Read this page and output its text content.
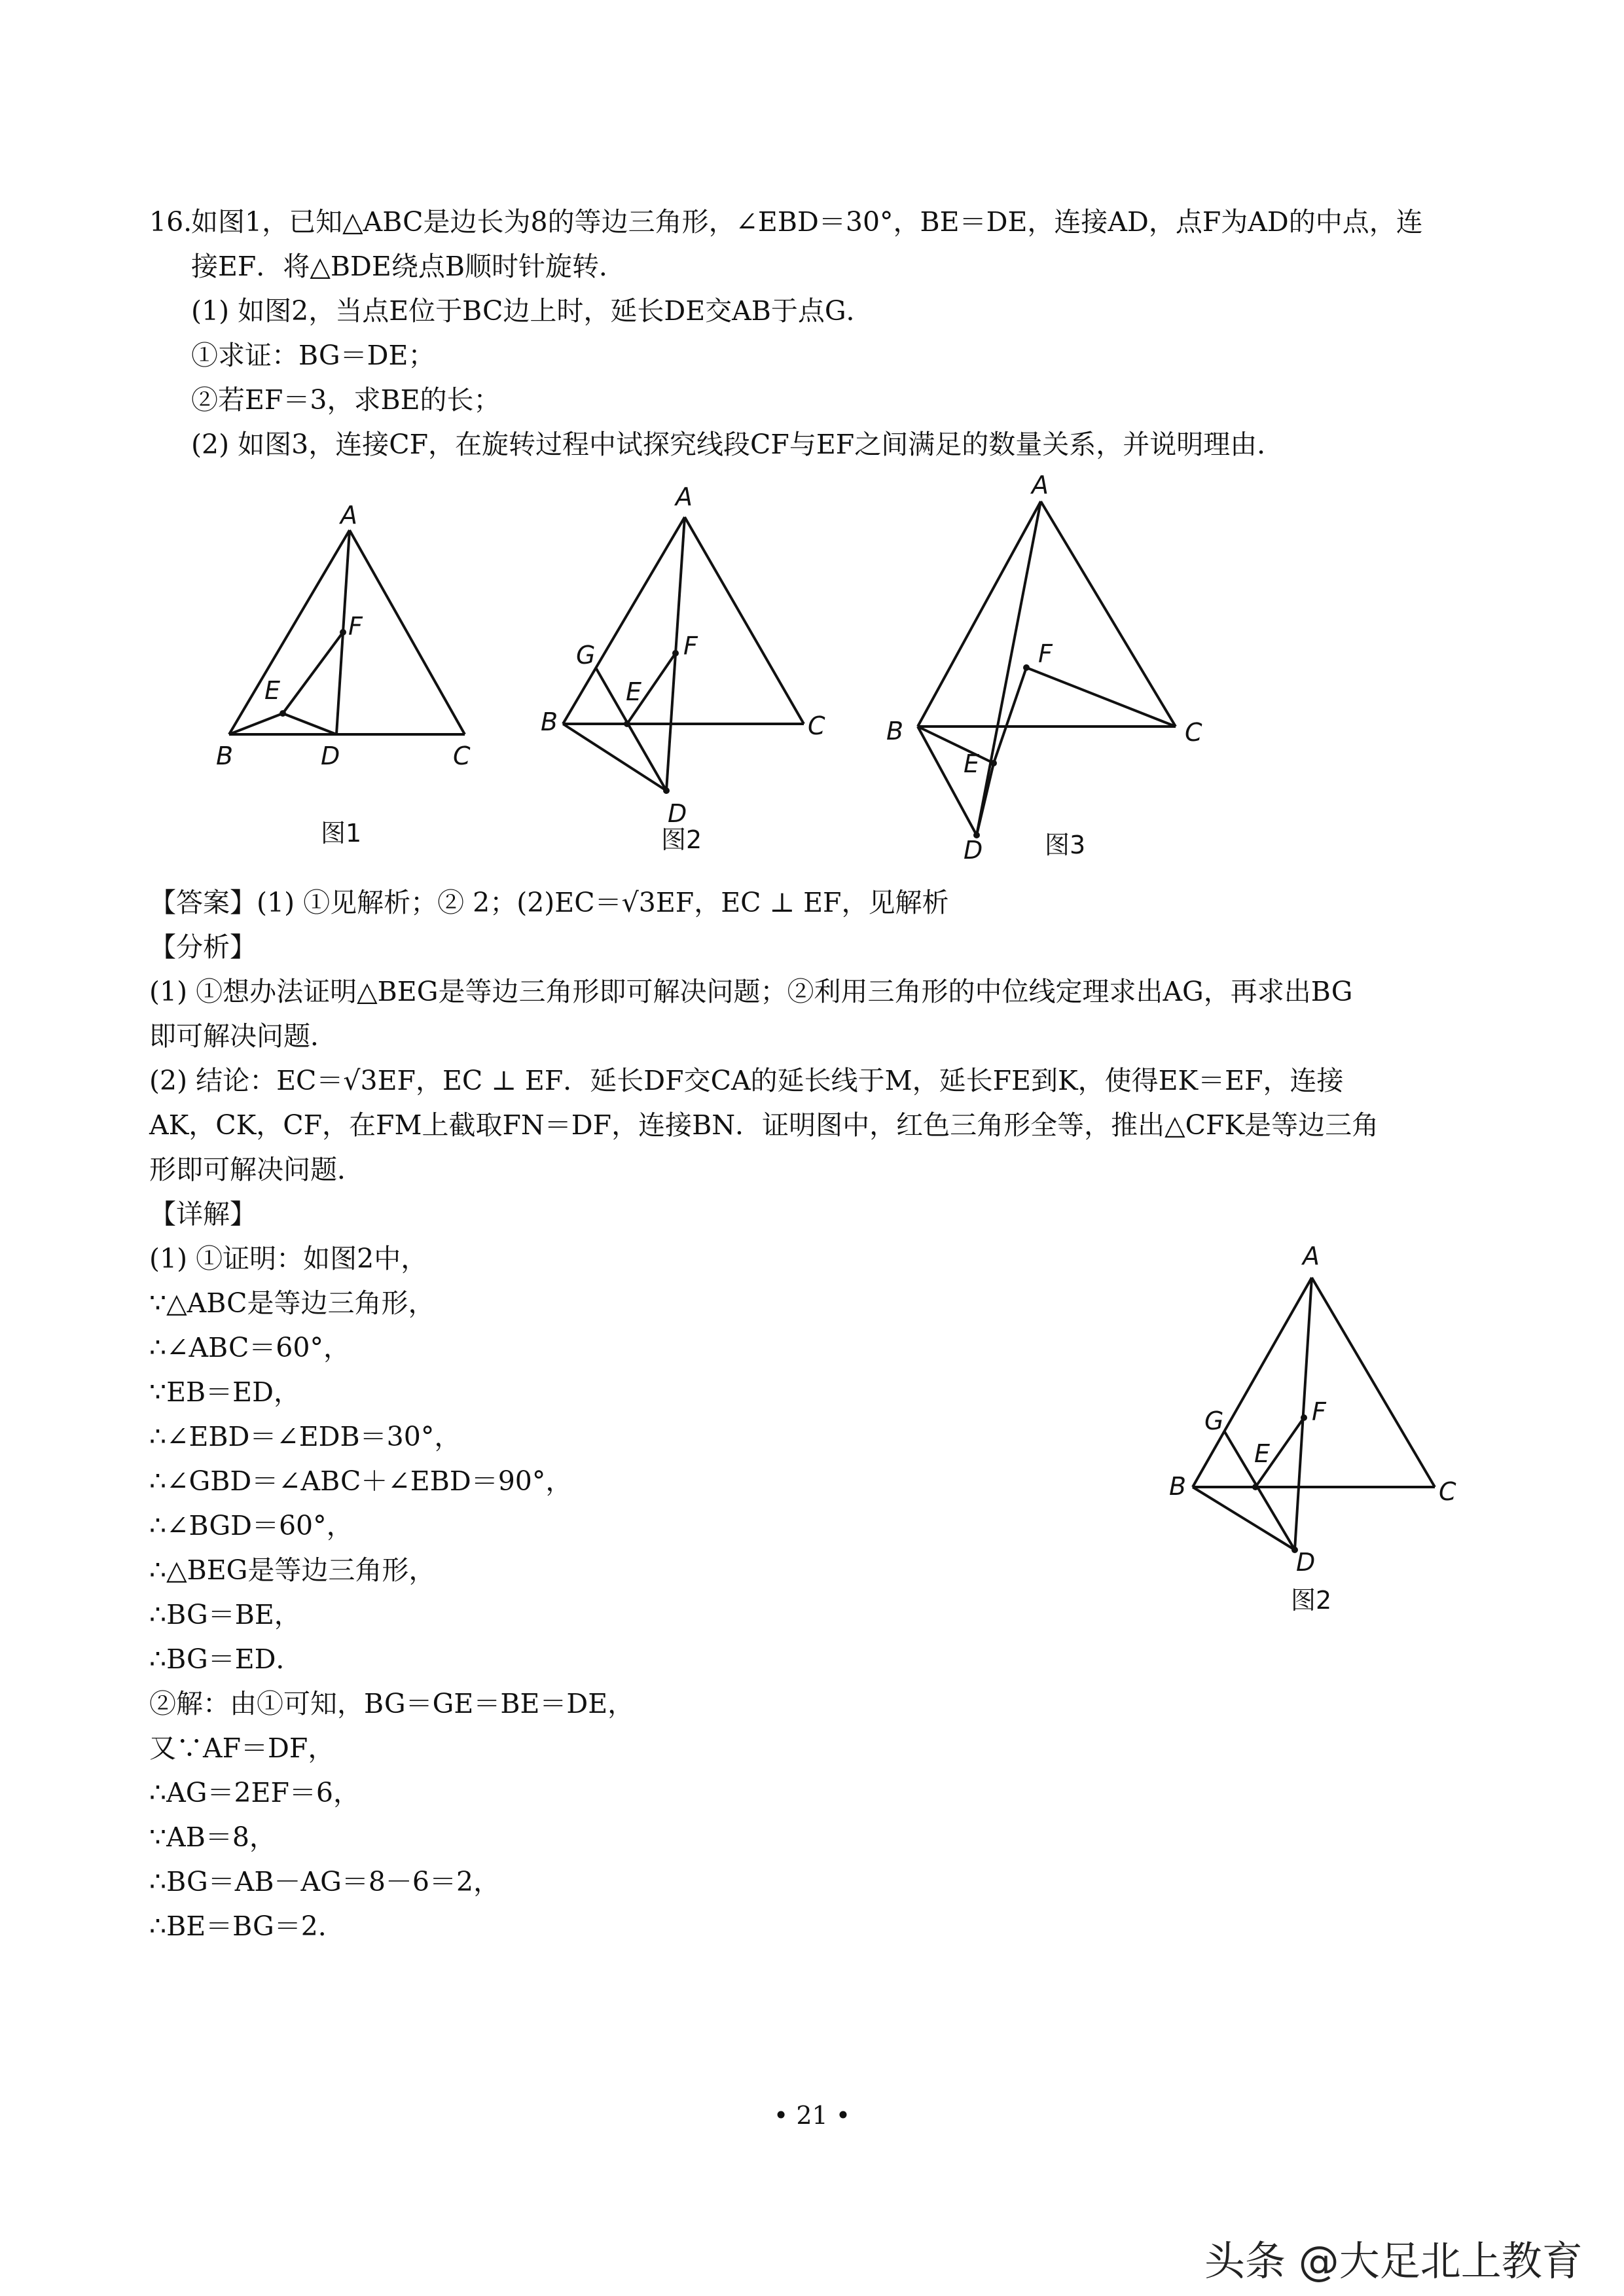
16.
如图1，已知△ABC是边长为8的等边三角形，∠EBD＝30°，BE＝DE，连接AD，点F为AD的中点，连
接EF．将△BDE绕点B顺时针旋转．
(1) 如图2，当点E位于BC边上时，延长DE交AB于点G．
①求证：BG＝DE；
②若EF＝3，求BE的长；
(2) 如图3，连接CF，在旋转过程中试探究线段CF与EF之间满足的数量关系，并说明理由．
A
F
E
B	D	C
图1
A
G	F
E
B	C
D
图2
A
F
B	C
E
D 图3
【答案】(1) ①见解析；② 2；(2)EC＝√3EF，EC ⊥ EF，见解析
【分析】
(1) ①想办法证明△BEG是等边三角形即可解决问题；②利用三角形的中位线定理求出AG，再求出BG
即可解决问题．
(2) 结论：EC＝√3EF，EC ⊥ EF．延长DF交CA的延长线于M，延长FE到K，使得EK＝EF，连接
AK，CK，CF，在FM上截取FN＝DF，连接BN．证明图中，红色三角形全等，推出△CFK是等边三角
形即可解决问题．
【详解】
(1) ①证明：如图2中，
∵△ABC是等边三角形，
∴∠ABC＝60°，
∵EB＝ED，
∴∠EBD＝∠EDB＝30°，
∴∠GBD＝∠ABC＋∠EBD＝90°，
∴∠BGD＝60°，
∴△BEG是等边三角形，
∴BG＝BE，
∴BG＝ED．
②解：由①可知，BG＝GE＝BE＝DE，
又∵AF＝DF，
∴AG＝2EF＝6，
∵AB＝8，
∴BG＝AB－AG＝8－6＝2，
∴BE＝BG＝2．
A
G	F
E
B	C
D
图2
• 21 •
头条 @大足北上教育
